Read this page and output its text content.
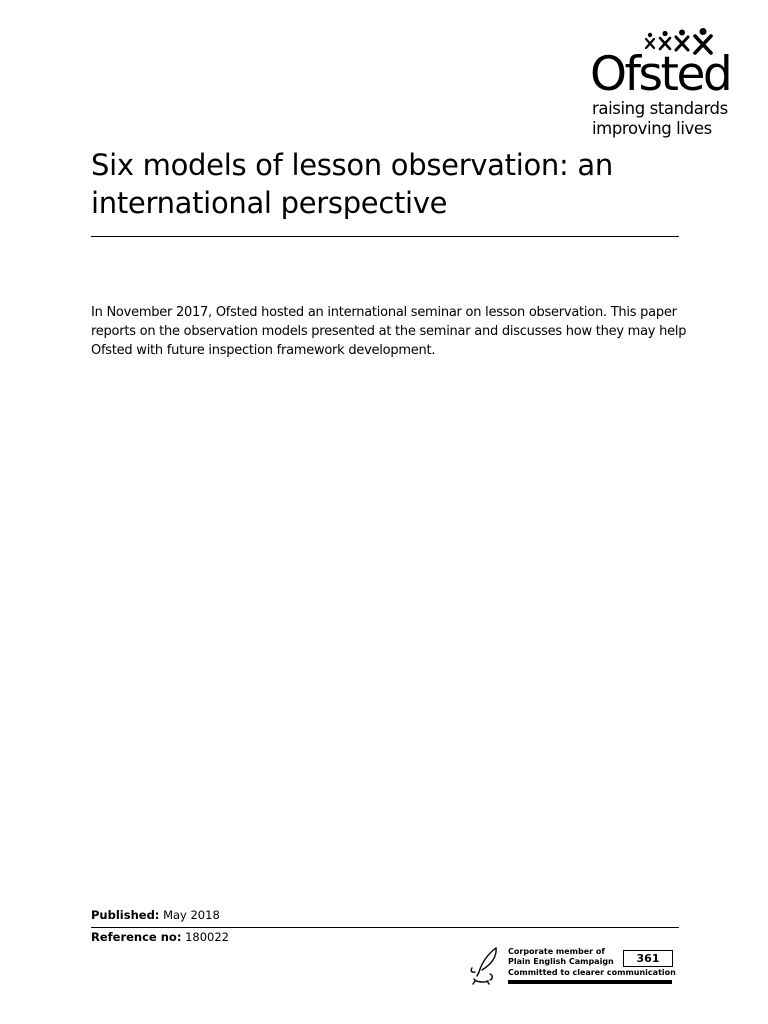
Ofsted
raising standards
improving lives
Six models of lesson observation: an international perspective

In November 2017, Ofsted hosted an international seminar on lesson observation. This paper reports on the observation models presented at the seminar and discusses how they may help Ofsted with future inspection framework development.

Published: May 2018
Reference no: 180022
Corporate member of
Plain English Campaign
Committed to clearer communication
361
